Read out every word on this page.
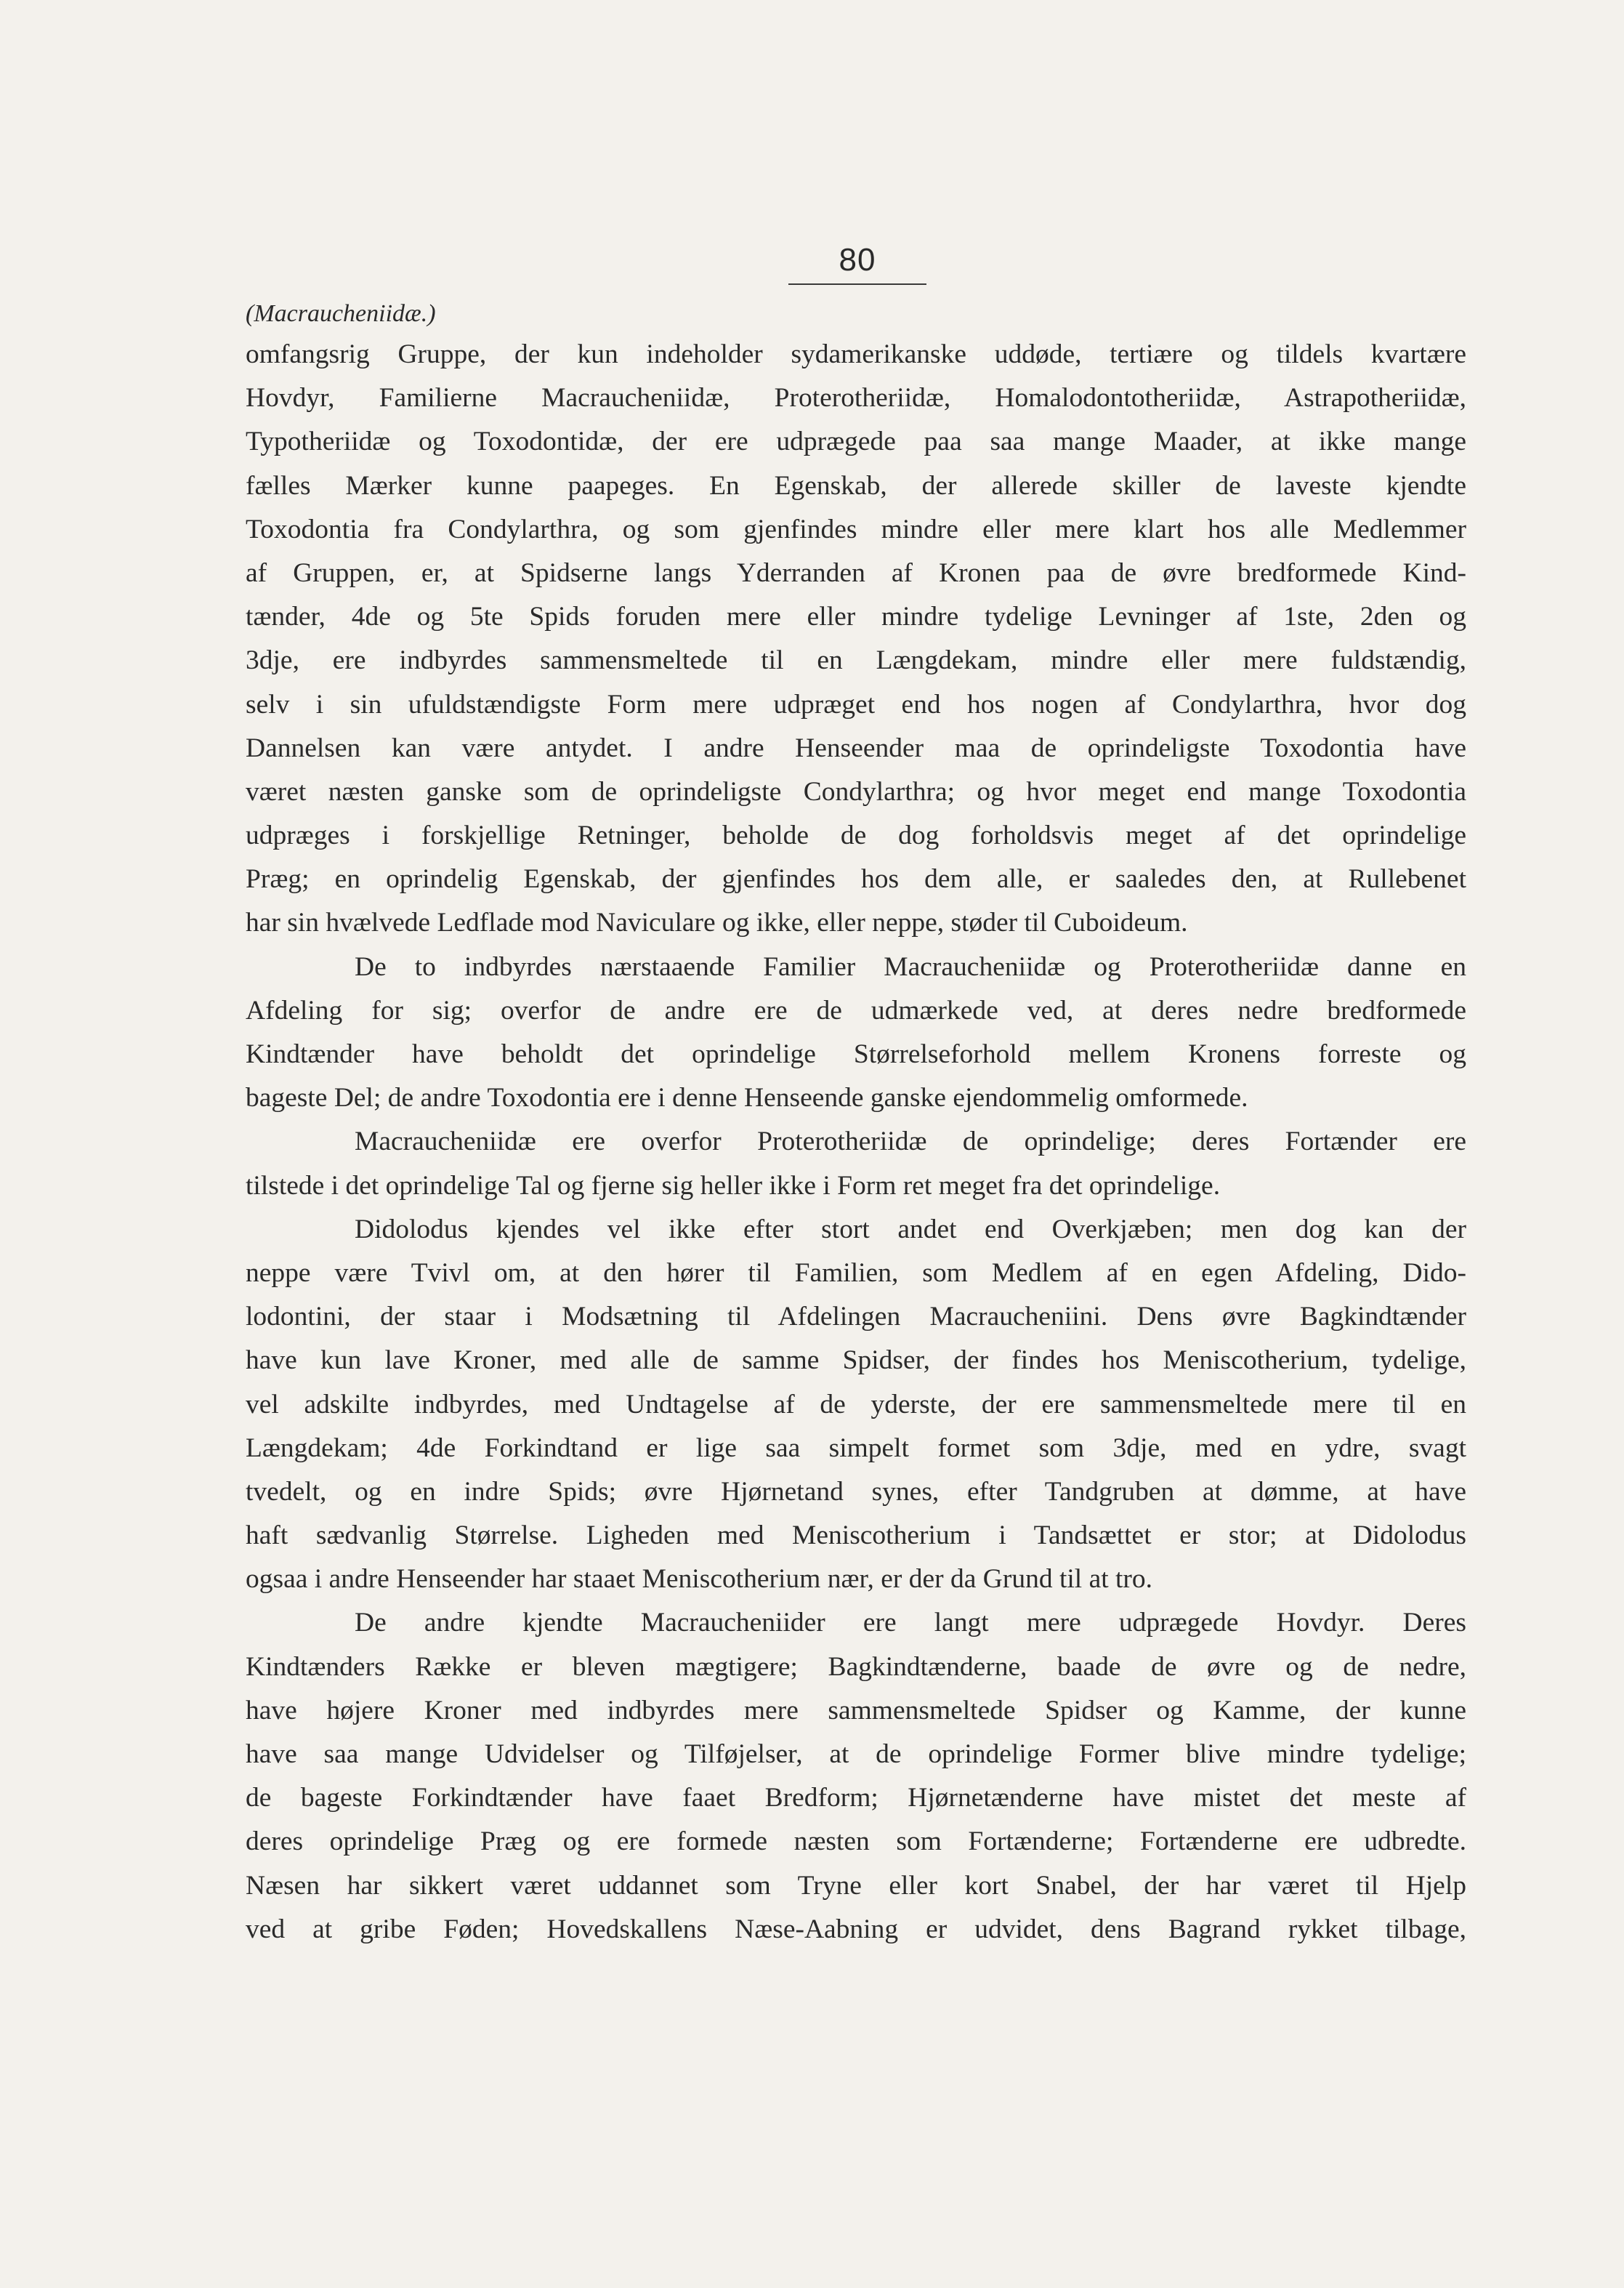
80
(Macraucheniidæ.)
omfangsrig Gruppe, der kun indeholder sydamerikanske uddøde, tertiære og tildels kvartære
Hovdyr, Familierne Macraucheniidæ, Proterotheriidæ, Homalodontotheriidæ, Astrapotheriidæ,
Typotheriidæ og Toxodontidæ, der ere udprægede paa saa mange Maader, at ikke mange
fælles Mærker kunne paapeges. En Egenskab, der allerede skiller de laveste kjendte
Toxodontia fra Condylarthra, og som gjenfindes mindre eller mere klart hos alle Medlemmer
af Gruppen, er, at Spidserne langs Yderranden af Kronen paa de øvre bredformede Kind-
tænder, 4de og 5te Spids foruden mere eller mindre tydelige Levninger af 1ste, 2den og
3dje, ere indbyrdes sammensmeltede til en Længdekam, mindre eller mere fuldstændig,
selv i sin ufuldstændigste Form mere udpræget end hos nogen af Condylarthra, hvor dog
Dannelsen kan være antydet. I andre Henseender maa de oprindeligste Toxodontia have
været næsten ganske som de oprindeligste Condylarthra; og hvor meget end mange Toxodontia
udpræges i forskjellige Retninger, beholde de dog forholdsvis meget af det oprindelige
Præg; en oprindelig Egenskab, der gjenfindes hos dem alle, er saaledes den, at Rullebenet
har sin hvælvede Ledflade mod Naviculare og ikke, eller neppe, støder til Cuboideum.
De to indbyrdes nærstaaende Familier Macraucheniidæ og Proterotheriidæ danne en
Afdeling for sig; overfor de andre ere de udmærkede ved, at deres nedre bredformede
Kindtænder have beholdt det oprindelige Størrelseforhold mellem Kronens forreste og
bageste Del; de andre Toxodontia ere i denne Henseende ganske ejendommelig omformede.
Macraucheniidæ ere overfor Proterotheriidæ de oprindelige; deres Fortænder ere
tilstede i det oprindelige Tal og fjerne sig heller ikke i Form ret meget fra det oprindelige.
Didolodus kjendes vel ikke efter stort andet end Overkjæben; men dog kan der
neppe være Tvivl om, at den hører til Familien, som Medlem af en egen Afdeling, Dido-
lodontini, der staar i Modsætning til Afdelingen Macraucheniini. Dens øvre Bagkindtænder
have kun lave Kroner, med alle de samme Spidser, der findes hos Meniscotherium, tydelige,
vel adskilte indbyrdes, med Undtagelse af de yderste, der ere sammensmeltede mere til en
Længdekam; 4de Forkindtand er lige saa simpelt formet som 3dje, med en ydre, svagt
tvedelt, og en indre Spids; øvre Hjørnetand synes, efter Tandgruben at dømme, at have
haft sædvanlig Størrelse. Ligheden med Meniscotherium i Tandsættet er stor; at Didolodus
ogsaa i andre Henseender har staaet Meniscotherium nær, er der da Grund til at tro.
De andre kjendte Macraucheniider ere langt mere udprægede Hovdyr. Deres
Kindtænders Række er bleven mægtigere; Bagkindtænderne, baade de øvre og de nedre,
have højere Kroner med indbyrdes mere sammensmeltede Spidser og Kamme, der kunne
have saa mange Udvidelser og Tilføjelser, at de oprindelige Former blive mindre tydelige;
de bageste Forkindtænder have faaet Bredform; Hjørnetænderne have mistet det meste af
deres oprindelige Præg og ere formede næsten som Fortænderne; Fortænderne ere udbredte.
Næsen har sikkert været uddannet som Tryne eller kort Snabel, der har været til Hjelp
ved at gribe Føden; Hovedskallens Næse-Aabning er udvidet, dens Bagrand rykket tilbage,
